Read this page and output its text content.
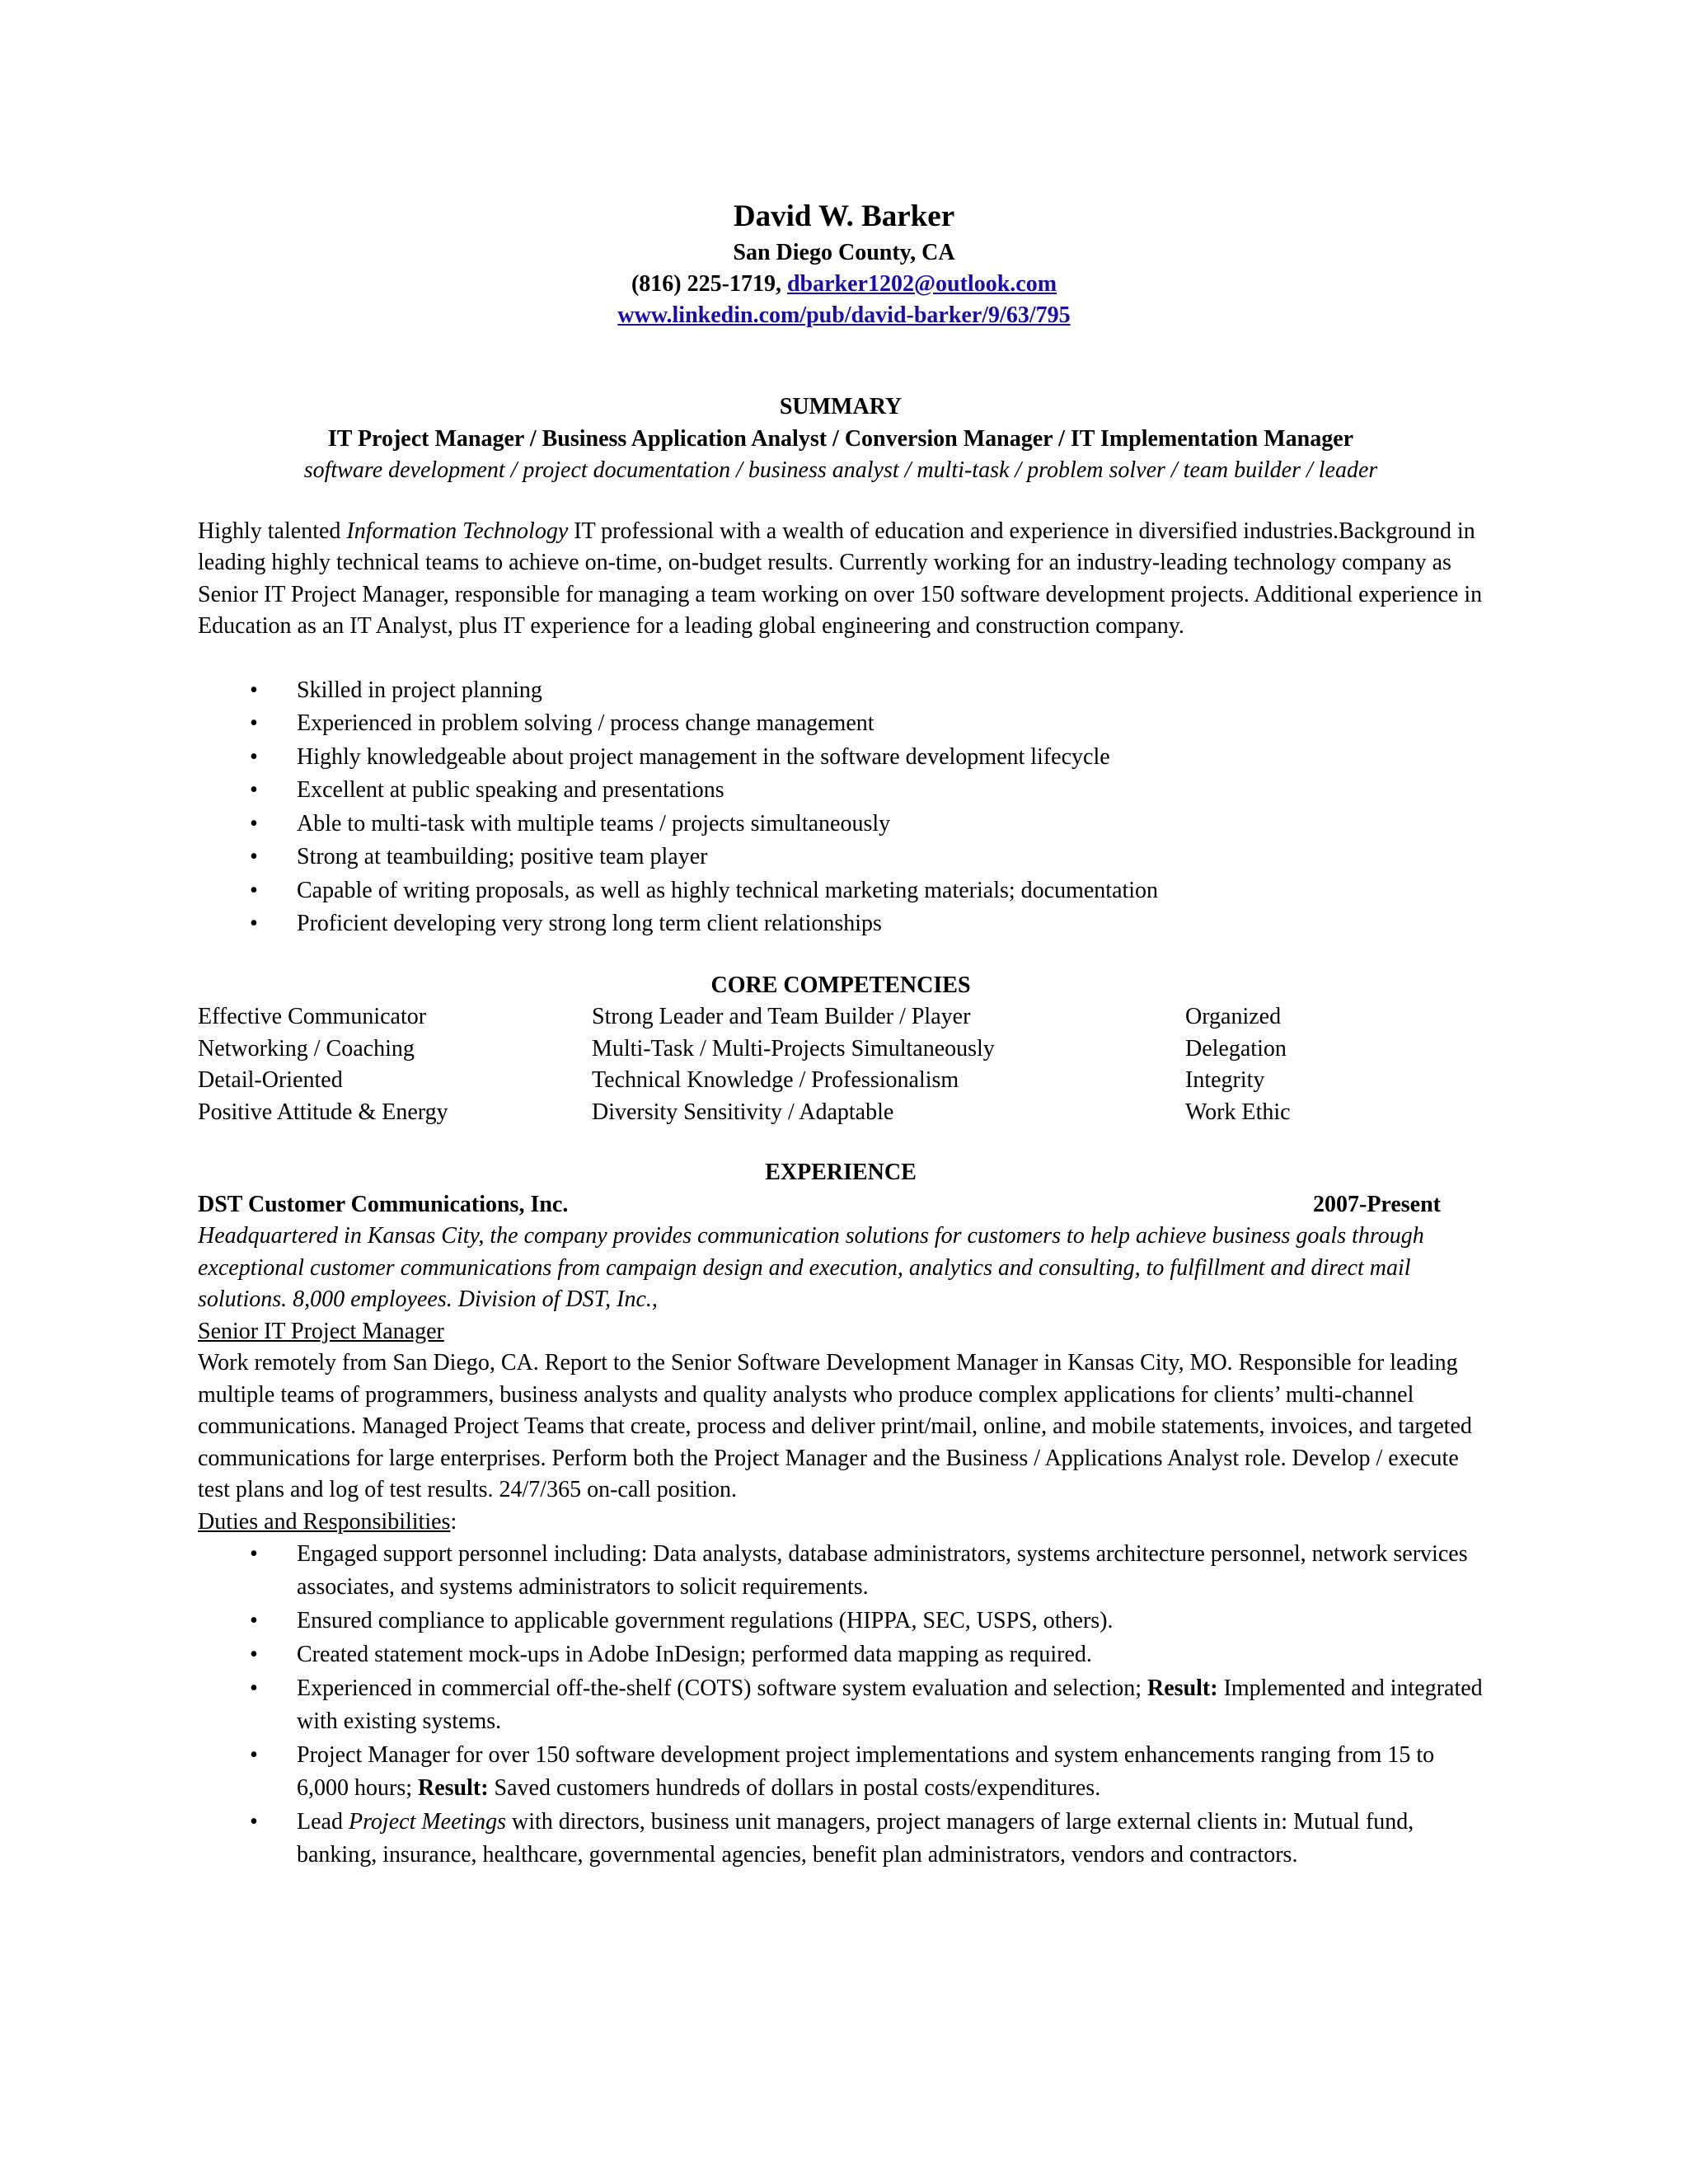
David W. Barker
San Diego County, CA
(816) 225-1719, dbarker1202@outlook.com
www.linkedin.com/pub/david-barker/9/63/795
SUMMARY
IT Project Manager / Business Application Analyst / Conversion Manager / IT Implementation Manager
software development / project documentation / business analyst / multi-task / problem solver / team builder / leader

Highly talented Information Technology IT professional with a wealth of education and experience in diversified industries.Background in leading highly technical teams to achieve on-time, on-budget results. Currently working for an industry-leading technology company as Senior IT Project Manager, responsible for managing a team working on over 150 software development projects. Additional experience in Education as an IT Analyst, plus IT experience for a leading global engineering and construction company.

• Skilled in project planning
• Experienced in problem solving / process change management
• Highly knowledgeable about project management in the software development lifecycle
• Excellent at public speaking and presentations
• Able to multi-task with multiple teams / projects simultaneously
• Strong at teambuilding; positive team player
• Capable of writing proposals, as well as highly technical marketing materials; documentation
• Proficient developing very strong long term client relationships
CORE COMPETENCIES
Effective Communicator	Strong Leader and Team Builder / Player	Organized
Networking / Coaching	Multi-Task / Multi-Projects Simultaneously	Delegation
Detail-Oriented	Technical Knowledge / Professionalism	Integrity
Positive Attitude & Energy	Diversity Sensitivity / Adaptable	Work Ethic
EXPERIENCE
DST Customer Communications, Inc.	2007-Present

Headquartered in Kansas City, the company provides communication solutions for customers to help achieve business goals through exceptional customer communications from campaign design and execution, analytics and consulting, to fulfillment and direct mail solutions. 8,000 employees. Division of DST, Inc.,

Senior IT Project Manager

Work remotely from San Diego, CA. Report to the Senior Software Development Manager in Kansas City, MO. Responsible for leading multiple teams of programmers, business analysts and quality analysts who produce complex applications for clients’ multi-channel communications. Managed Project Teams that create, process and deliver print/mail, online, and mobile statements, invoices, and targeted communications for large enterprises. Perform both the Project Manager and the Business / Applications Analyst role. Develop / execute test plans and log of test results. 24/7/365 on-call position.

Duties and Responsibilities:

• Engaged support personnel including: Data analysts, database administrators, systems architecture personnel, network services associates, and systems administrators to solicit requirements.
• Ensured compliance to applicable government regulations (HIPPA, SEC, USPS, others).
• Created statement mock-ups in Adobe InDesign; performed data mapping as required.
• Experienced in commercial off-the-shelf (COTS) software system evaluation and selection; Result: Implemented and integrated with existing systems.
• Project Manager for over 150 software development project implementations and system enhancements ranging from 15 to 6,000 hours; Result: Saved customers hundreds of dollars in postal costs/expenditures.
• Lead Project Meetings with directors, business unit managers, project managers of large external clients in: Mutual fund, banking, insurance, healthcare, governmental agencies, benefit plan administrators, vendors and contractors.
